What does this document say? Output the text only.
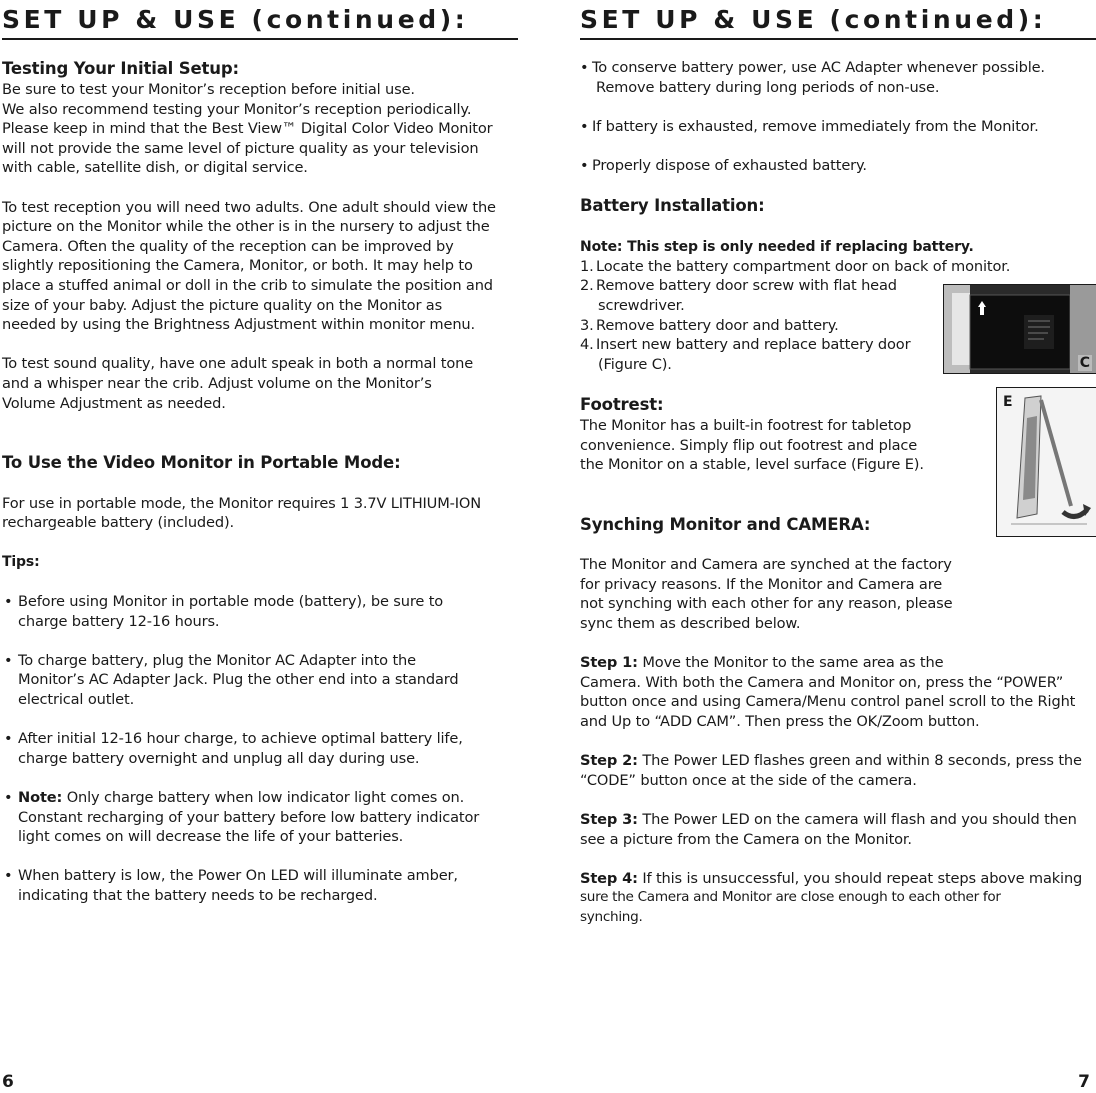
SET UP & USE (continued):

Testing Your Initial Setup:

Be sure to test your Monitor’s reception before initial use.

We also recommend testing your Monitor’s reception periodically.

Please keep in mind that the Best View™ Digital Color Video Monitor

will not provide the same level of picture quality as your television

with cable, satellite dish, or digital service.

To test reception you will need two adults. One adult should view the

picture on the Monitor while the other is in the nursery to adjust the

Camera. Often the quality of the reception can be improved by

slightly repositioning the Camera, Monitor, or both. It may help to

place a stuffed animal or doll in the crib to simulate the position and

size of your baby. Adjust the picture quality on the Monitor as

needed by using the Brightness Adjustment within monitor menu.

To test sound quality, have one adult speak in both a normal tone

and a whisper near the crib. Adjust volume on the Monitor’s

Volume Adjustment as needed.

To Use the Video Monitor in Portable Mode:

For use in portable mode, the Monitor requires 1 3.7V LITHIUM-ION

rechargeable battery (included).

Tips:

• Before using Monitor in portable mode (battery), be sure to

charge battery 12-16 hours.

• To charge battery, plug the Monitor AC Adapter into the

Monitor’s AC Adapter Jack. Plug the other end into a standard

electrical outlet.

• After initial 12-16 hour charge, to achieve optimal battery life,

charge battery overnight and unplug all day during use.

• Note: Only charge battery when low indicator light comes on.

Constant recharging of your battery before low battery indicator

light comes on will decrease the life of your batteries.

• When battery is low, the Power On LED will illuminate amber,

indicating that the battery needs to be recharged.

6
SET UP & USE (continued):

• To conserve battery power, use AC Adapter whenever possible.

Remove battery during long periods of non-use.

• If battery is exhausted, remove immediately from the Monitor.

• Properly dispose of exhausted battery.

Battery Installation:

Note: This step is only needed if replacing battery.

1. Locate the battery compartment door on back of monitor.

2. Remove battery door screw with flat head

screwdriver.

3. Remove battery door and battery.

4. Insert new battery and replace battery door

(Figure C).

Footrest:

The Monitor has a built-in footrest for tabletop

convenience. Simply flip out footrest and place

the Monitor on a stable, level surface (Figure E).

Synching Monitor and CAMERA:

The Monitor and Camera are synched at the factory

for privacy reasons. If the Monitor and Camera are

not synching with each other for any reason, please

sync them as described below.

Step 1: Move the Monitor to the same area as the

Camera. With both the Camera and Monitor on, press the “POWER”

button once and using Camera/Menu control panel scroll to the Right

and Up to “ADD CAM”. Then press the OK/Zoom button.

Step 2: The Power LED flashes green and within 8 seconds, press the

“CODE” button once at the side of the camera.

Step 3: The Power LED on the camera will flash and you should then

see a picture from the Camera on the Monitor.

Step 4: If this is unsuccessful, you should repeat steps above making

sure the Camera and Monitor are close enough to each other for

synching.

C
E
7
